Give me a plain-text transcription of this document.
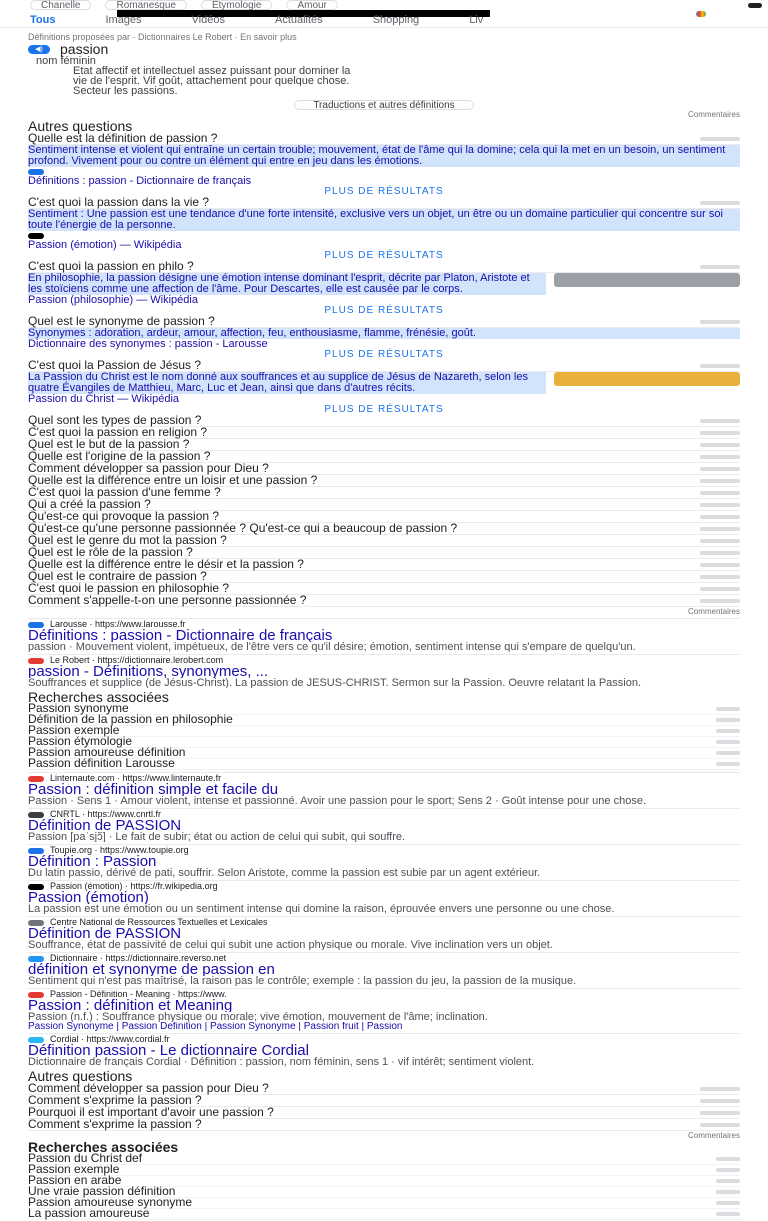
Chanelle	Romanesque	Etymologie	Amour
Tous	Images	Vidéos	Actualités	Shopping	Liv
Définitions proposées par · Dictionnaires Le Robert · En savoir plus
◀)	passion
nom féminin
État affectif et intellectuel assez puissant pour dominer la
vie de l'esprit. Vif goût, attachement pour quelque chose.
Secteur les passions.
Traductions et autres définitions
Commentaires
Autres questions
Quelle est la définition de passion ?
Sentiment intense et violent qui entraîne un certain trouble; mouvement, état de l'âme qui la domine; cela qui la met en un besoin, un sentiment profond. Vivement pour ou contre un élément qui entre en jeu dans les émotions.
Définitions : passion - Dictionnaire de français
PLUS DE RÉSULTATS
C'est quoi la passion dans la vie ?
Sentiment : Une passion est une tendance d'une forte intensité, exclusive vers un objet, un être ou un domaine particulier qui concentre sur soi toute l'énergie de la personne.
Passion (émotion) — Wikipédia
PLUS DE RÉSULTATS
C'est quoi la passion en philo ?
En philosophie, la passion désigne une émotion intense dominant l'esprit, décrite par Platon, Aristote et les stoïciens comme une affection de l'âme. Pour Descartes, elle est causée par le corps.
Passion (philosophie) — Wikipédia
PLUS DE RÉSULTATS
Quel est le synonyme de passion ?
Synonymes : adoration, ardeur, amour, affection, feu, enthousiasme, flamme, frénésie, goût.
Dictionnaire des synonymes : passion - Larousse
PLUS DE RÉSULTATS
C'est quoi la Passion de Jésus ?
La Passion du Christ est le nom donné aux souffrances et au supplice de Jésus de Nazareth, selon les quatre Évangiles de Matthieu, Marc, Luc et Jean, ainsi que dans d'autres récits.
Passion du Christ — Wikipédia
PLUS DE RÉSULTATS
Quel sont les types de passion ?
C'est quoi la passion en religion ?
Quel est le but de la passion ?
Quelle est l'origine de la passion ?
Comment développer sa passion pour Dieu ?
Quelle est la différence entre un loisir et une passion ?
C'est quoi la passion d'une femme ?
Qui a créé la passion ?
Qu'est-ce qui provoque la passion ?
Qu'est-ce qu'une personne passionnée ? Qu'est-ce qui a beaucoup de passion ?
Quel est le genre du mot la passion ?
Quel est le rôle de la passion ?
Quelle est la différence entre le désir et la passion ?
Quel est le contraire de passion ?
C'est quoi le passion en philosophie ?
Comment s'appelle-t-on une personne passionnée ?
Commentaires
Larousse · https://www.larousse.fr
Définitions : passion - Dictionnaire de français
passion · Mouvement violent, impétueux, de l'être vers ce qu'il désire; émotion, sentiment intense qui s'empare de quelqu'un.
Le Robert · https://dictionnaire.lerobert.com
passion - Définitions, synonymes, ...
Souffrances et supplice (de Jésus-Christ). La passion de JÉSUS-CHRIST. Sermon sur la Passion. Oeuvre relatant la Passion.
Recherches associées
Passion synonyme
Définition de la passion en philosophie
Passion exemple
Passion étymologie
Passion amoureuse définition
Passion définition Larousse
Linternaute.com · https://www.linternaute.fr
Passion : définition simple et facile du
Passion · Sens 1 · Amour violent, intense et passionné. Avoir une passion pour le sport; Sens 2 · Goût intense pour une chose.
CNRTL · https://www.cnrtl.fr
Définition de PASSION
Passion [paˈsjɔ̃] · Le fait de subir; état ou action de celui qui subit, qui souffre.
Toupie.org · https://www.toupie.org
Définition : Passion
Du latin passio, dérivé de pati, souffrir. Selon Aristote, comme la passion est subie par un agent extérieur.
Passion (émotion) · https://fr.wikipedia.org
Passion (émotion)
La passion est une émotion ou un sentiment intense qui domine la raison, éprouvée envers une personne ou une chose.
Centre National de Ressources Textuelles et Lexicales
Définition de PASSION
Souffrance, état de passivité de celui qui subit une action physique ou morale. Vive inclination vers un objet.
Dictionnaire · https://dictionnaire.reverso.net
définition et synonyme de passion en
Sentiment qui n'est pas maîtrisé, la raison pas le contrôle; exemple : la passion du jeu, la passion de la musique.
Passion - Définition - Meaning · https://www.
Passion : définition et Meaning
Passion (n.f.) : Souffrance physique ou morale; vive émotion, mouvement de l'âme; inclination.
Passion Synonyme | Passion Definition | Passion Synonyme | Passion fruit | Passion
Cordial · https://www.cordial.fr
Définition passion - Le dictionnaire Cordial
Dictionnaire de français Cordial · Définition : passion, nom féminin, sens 1 · vif intérêt; sentiment violent.
Autres questions
Comment développer sa passion pour Dieu ?
Comment s'exprime la passion ?
Pourquoi il est important d'avoir une passion ?
Comment s'exprime la passion ?
Commentaires
Recherches associées
Passion du Christ def
Passion exemple
Passion en arabe
Une vraie passion définition
Passion amoureuse synonyme
La passion amoureuse
